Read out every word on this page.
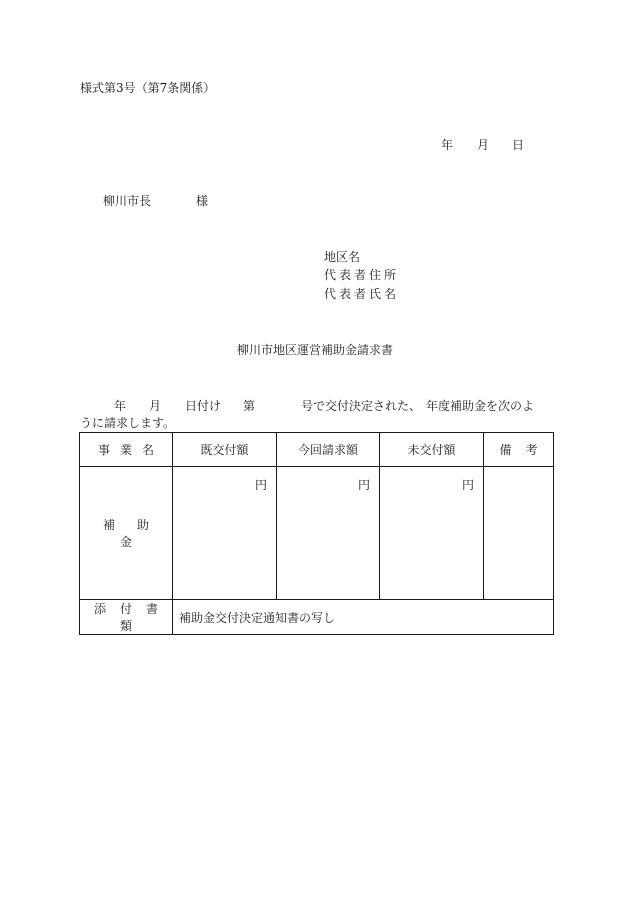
様式第3号（第7条関係）
年 月 日
柳川市長	様
地区名
代表者住所
代表者氏名
柳川市地区運営補助金請求書
年 月 日付け 第	号で交付決定された、 年度補助金を次のよ
うに請求します。
事業名	既交付額	今回請求額	未交付額	備考
補助金	円	円	円	
添付書類	補助金交付決定通知書の写し			
